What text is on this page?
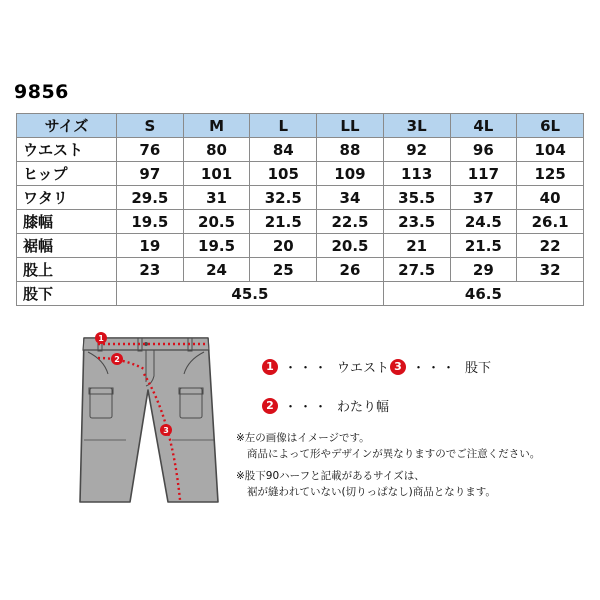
9856
サイズ	S	M	L	LL	3L	4L	6L
ウエスト	76	80	84	88	92	96	104
ヒップ	97	101	105	109	113	117	125
ワタリ	29.5	31	32.5	34	35.5	37	40
膝幅	19.5	20.5	21.5	22.5	23.5	24.5	26.1
裾幅	19	19.5	20	20.5	21	21.5	22
股上	23	24	25	26	27.5	29	32
股下	45.5				46.5		
1
2
3
1 ・・・ ウエスト 3 ・・・ 股下
2 ・・・ わたり幅
※左の画像はイメージです。
商品によって形やデザインが異なりますのでご注意ください。
※股下90ハーフと記載があるサイズは、
裾が縫われていない(切りっぱなし)商品となります。
